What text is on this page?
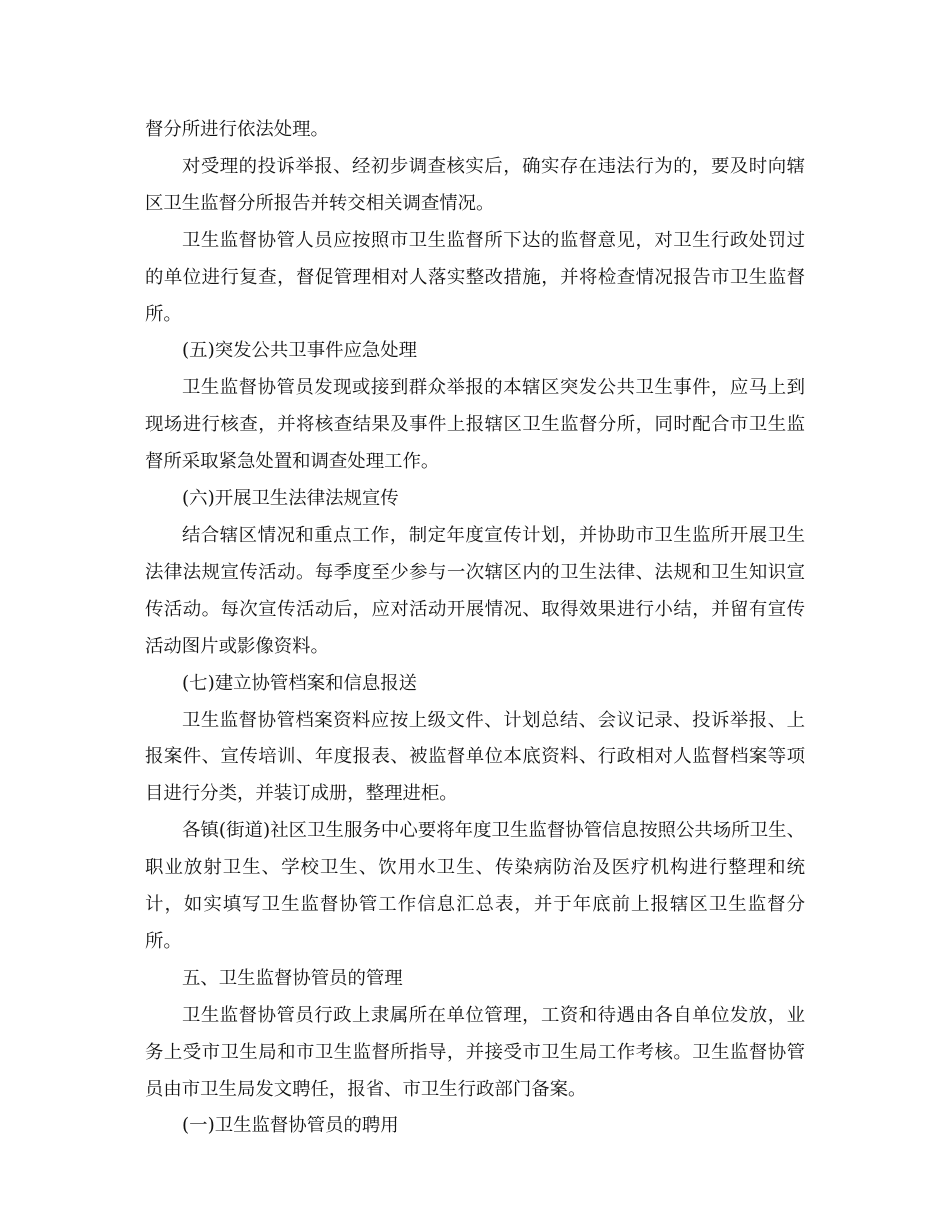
督分所进行依法处理。

对受理的投诉举报、经初步调查核实后，确实存在违法行为的，要及时向辖区卫生监督分所报告并转交相关调查情况。

卫生监督协管人员应按照市卫生监督所下达的监督意见，对卫生行政处罚过的单位进行复查，督促管理相对人落实整改措施，并将检查情况报告市卫生监督所。

(五)突发公共卫事件应急处理

卫生监督协管员发现或接到群众举报的本辖区突发公共卫生事件，应马上到现场进行核查，并将核查结果及事件上报辖区卫生监督分所，同时配合市卫生监督所采取紧急处置和调查处理工作。

(六)开展卫生法律法规宣传

结合辖区情况和重点工作，制定年度宣传计划，并协助市卫生监所开展卫生法律法规宣传活动。每季度至少参与一次辖区内的卫生法律、法规和卫生知识宣传活动。每次宣传活动后，应对活动开展情况、取得效果进行小结，并留有宣传活动图片或影像资料。

(七)建立协管档案和信息报送

卫生监督协管档案资料应按上级文件、计划总结、会议记录、投诉举报、上报案件、宣传培训、年度报表、被监督单位本底资料、行政相对人监督档案等项目进行分类，并装订成册，整理进柜。

各镇(街道)社区卫生服务中心要将年度卫生监督协管信息按照公共场所卫生、职业放射卫生、学校卫生、饮用水卫生、传染病防治及医疗机构进行整理和统计，如实填写卫生监督协管工作信息汇总表，并于年底前上报辖区卫生监督分所。

五、卫生监督协管员的管理

卫生监督协管员行政上隶属所在单位管理，工资和待遇由各自单位发放，业务上受市卫生局和市卫生监督所指导，并接受市卫生局工作考核。卫生监督协管员由市卫生局发文聘任，报省、市卫生行政部门备案。

(一)卫生监督协管员的聘用
